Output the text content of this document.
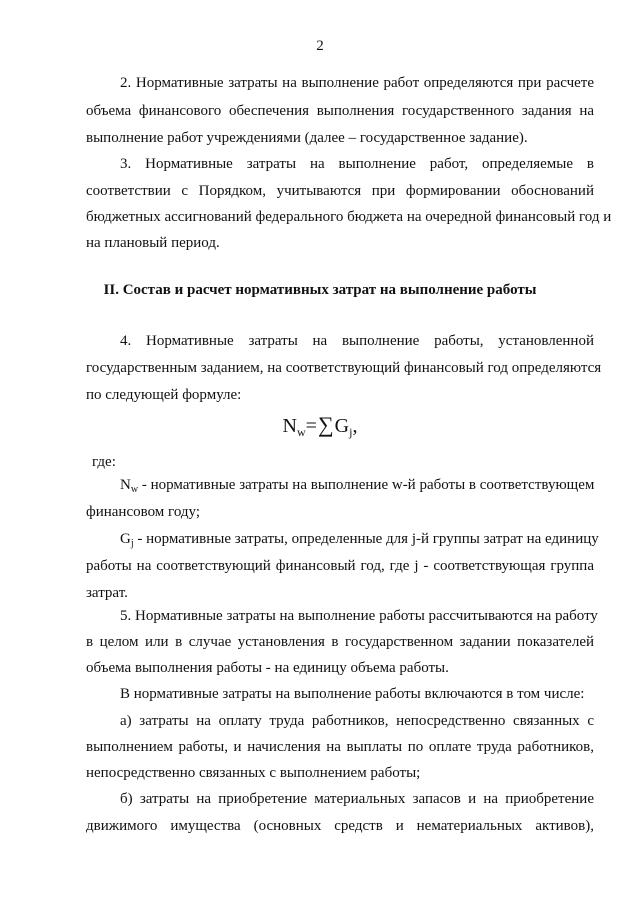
2
2. Нормативные затраты на выполнение работ определяются при расчете
объема финансового обеспечения выполнения государственного задания на
выполнение работ учреждениями (далее – государственное задание).
3. Нормативные затраты на выполнение работ, определяемые в
соответствии с Порядком, учитываются при формировании обоснований
бюджетных ассигнований федерального бюджета на очередной финансовый год и
на плановый период.
II. Состав и расчет нормативных затрат на выполнение работы
4. Нормативные затраты на выполнение работы, установленной
государственным заданием, на соответствующий финансовый год определяются
по следующей формуле:
$N_w=\sum G_j$,
где:
$N_w$ - нормативные затраты на выполнение w-й работы в соответствующем
финансовом году;
$G_j$ - нормативные затраты, определенные для j-й группы затрат на единицу
работы на соответствующий финансовый год, где j - соответствующая группа
затрат.
5. Нормативные затраты на выполнение работы рассчитываются на работу
в целом или в случае установления в государственном задании показателей
объема выполнения работы - на единицу объема работы.
В нормативные затраты на выполнение работы включаются в том числе:
а) затраты на оплату труда работников, непосредственно связанных с
выполнением работы, и начисления на выплаты по оплате труда работников,
непосредственно связанных с выполнением работы;
б) затраты на приобретение материальных запасов и на приобретение
движимого имущества (основных средств и нематериальных активов),
